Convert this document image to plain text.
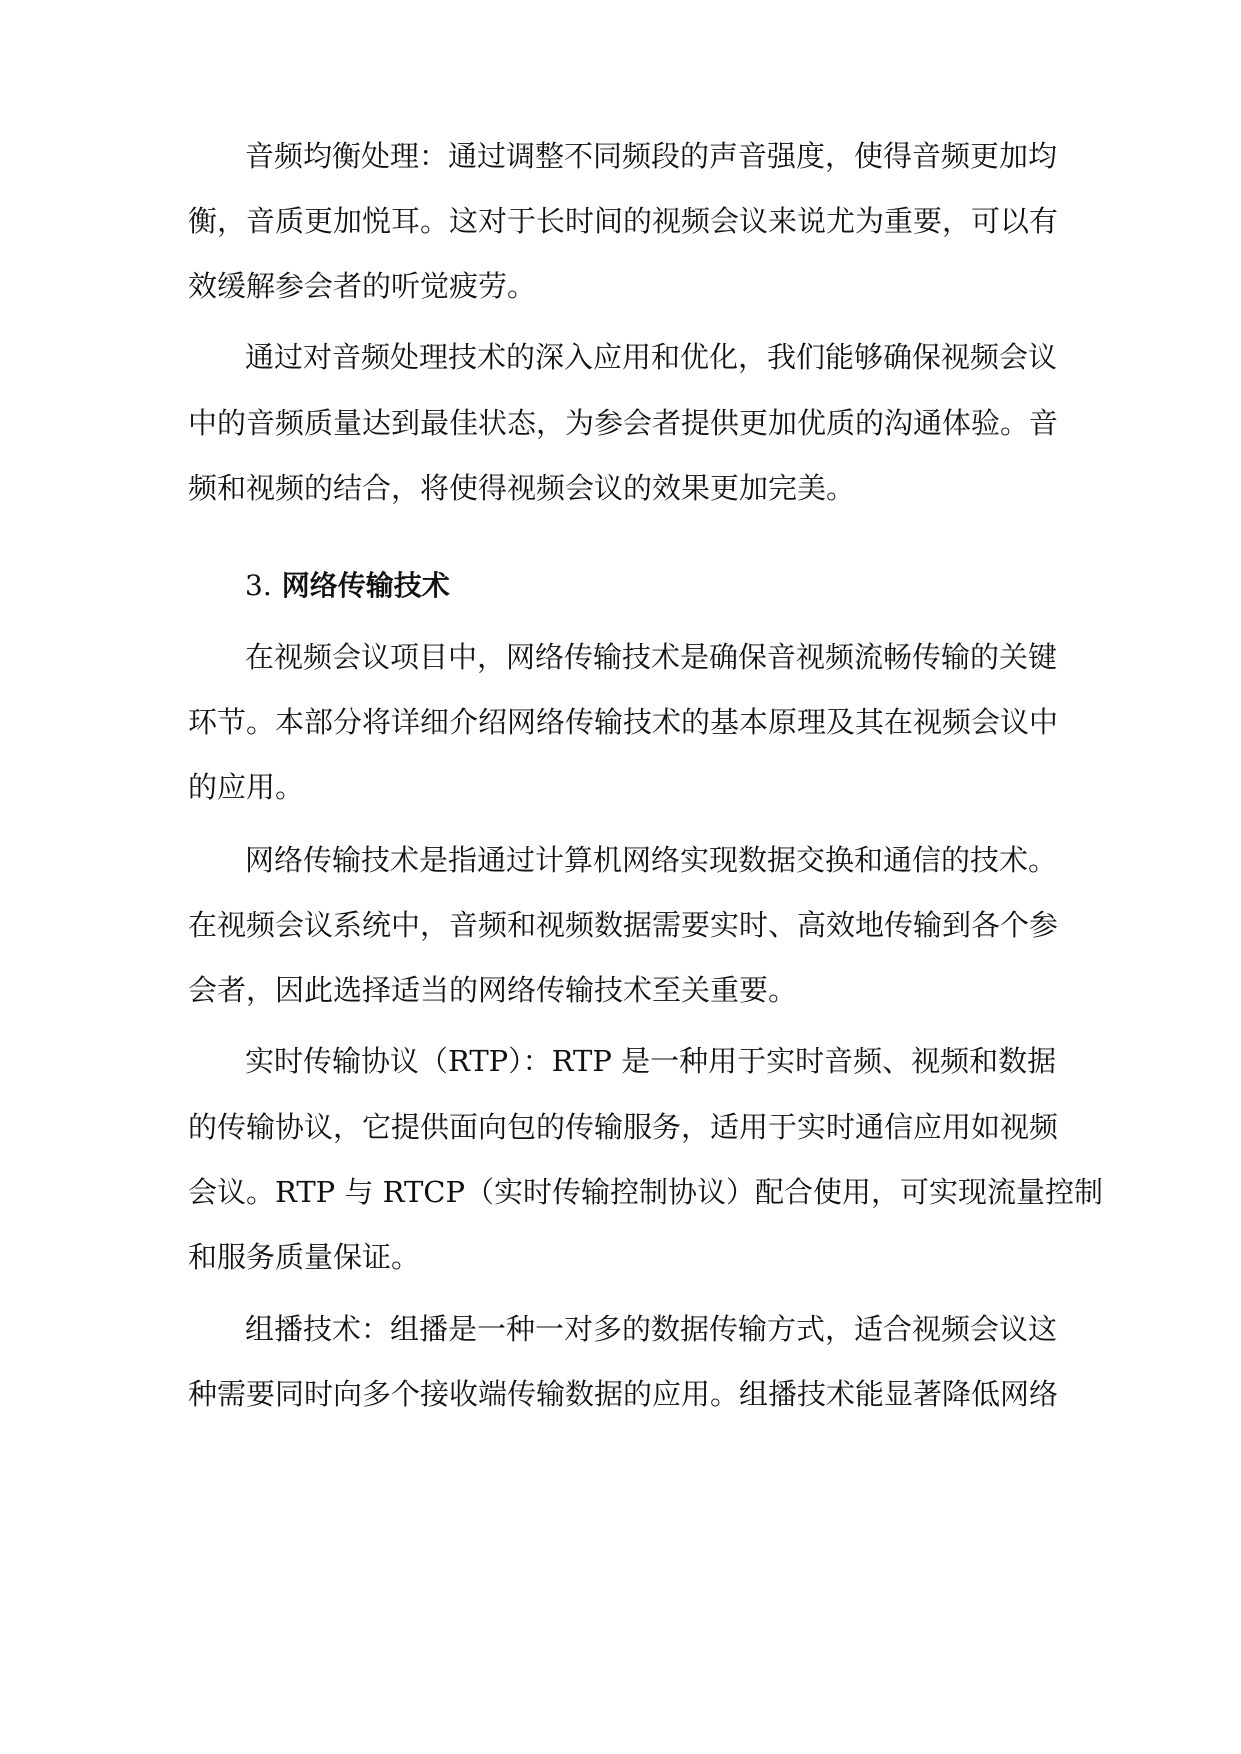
音频均衡处理：通过调整不同频段的声音强度，使得音频更加均

衡，音质更加悦耳。这对于长时间的视频会议来说尤为重要，可以有

效缓解参会者的听觉疲劳。

通过对音频处理技术的深入应用和优化，我们能够确保视频会议

中的音频质量达到最佳状态，为参会者提供更加优质的沟通体验。音

频和视频的结合，将使得视频会议的效果更加完美。

3. 网络传输技术

在视频会议项目中，网络传输技术是确保音视频流畅传输的关键

环节。本部分将详细介绍网络传输技术的基本原理及其在视频会议中

的应用。

网络传输技术是指通过计算机网络实现数据交换和通信的技术。

在视频会议系统中，音频和视频数据需要实时、高效地传输到各个参

会者，因此选择适当的网络传输技术至关重要。

实时传输协议（RTP）：RTP 是一种用于实时音频、视频和数据

的传输协议，它提供面向包的传输服务，适用于实时通信应用如视频

会议。RTP 与 RTCP（实时传输控制协议）配合使用，可实现流量控制

和服务质量保证。

组播技术：组播是一种一对多的数据传输方式，适合视频会议这

种需要同时向多个接收端传输数据的应用。组播技术能显著降低网络
